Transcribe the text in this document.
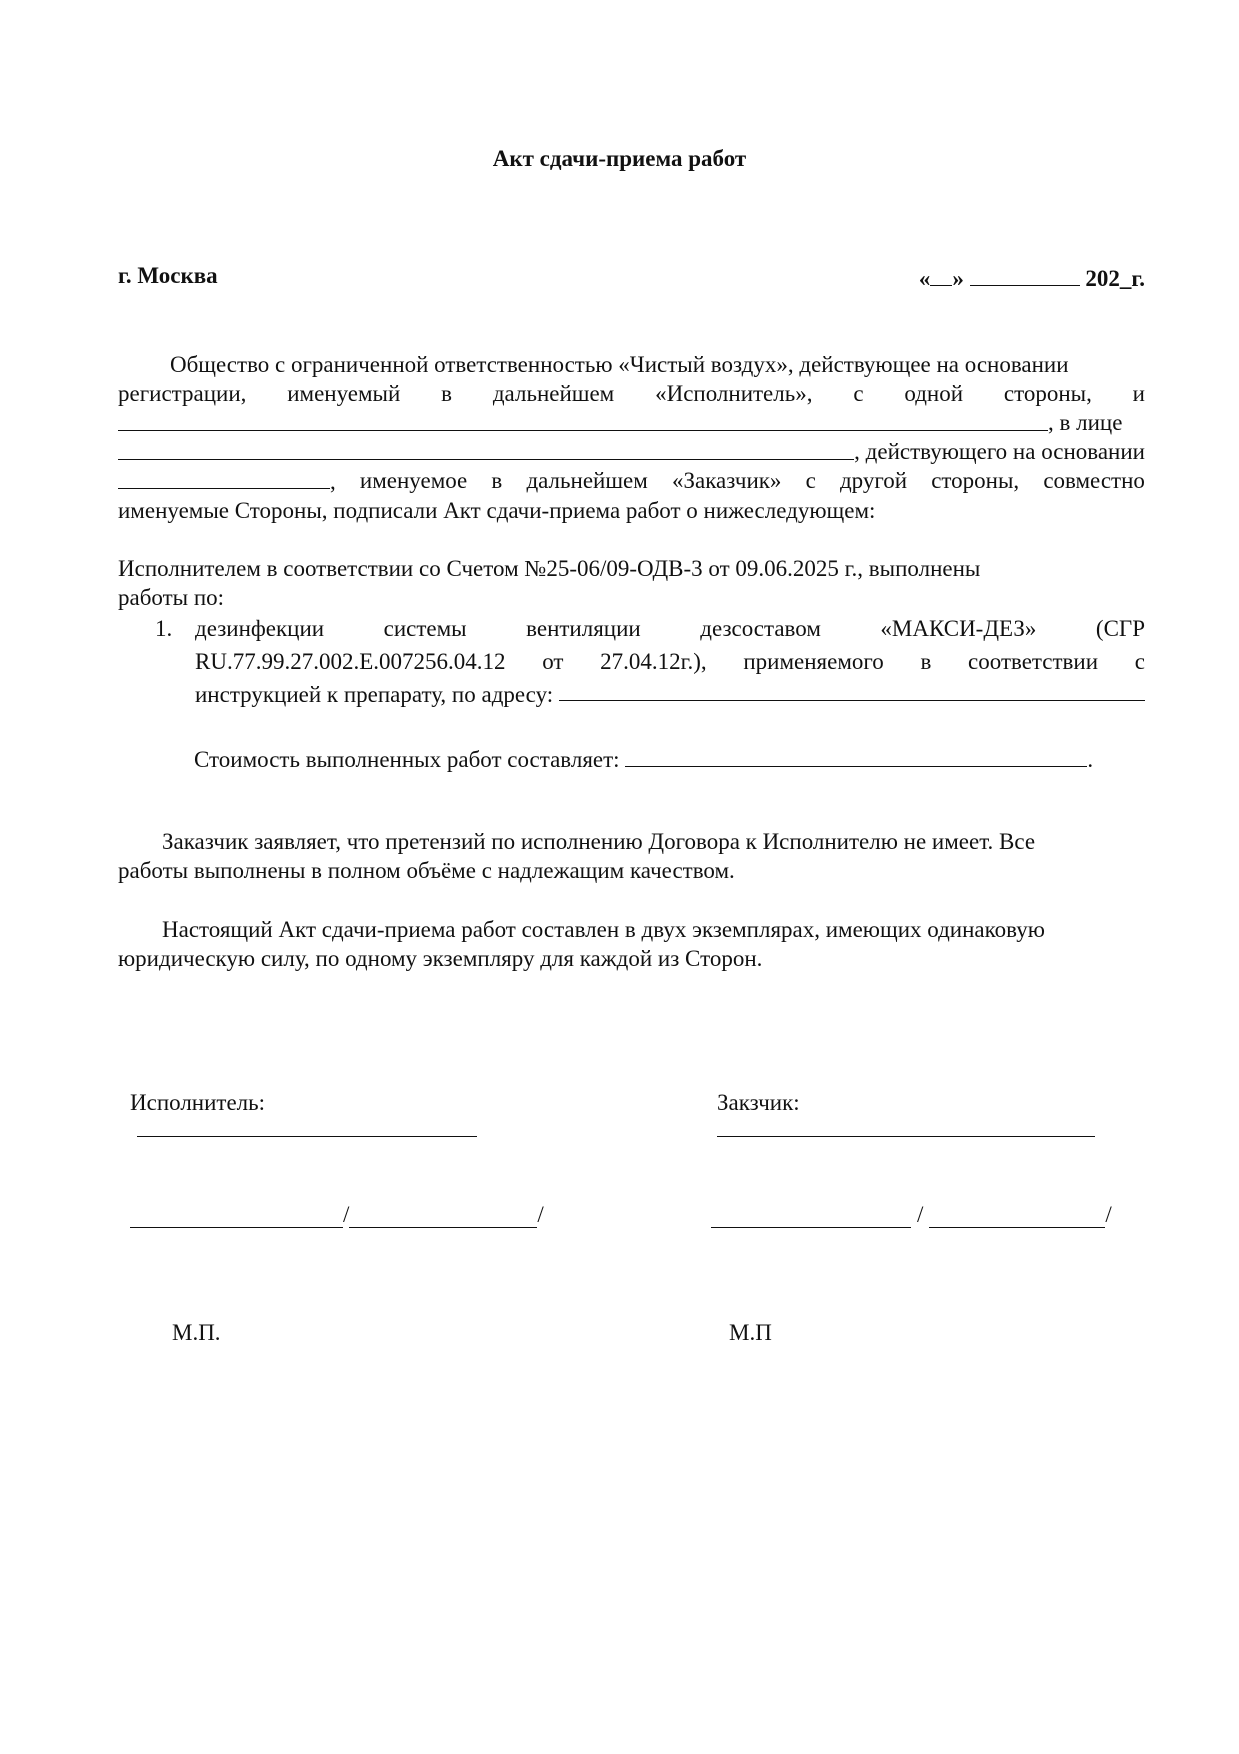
Акт сдачи-приема работ
г. Москва	« »	202_г.
Общество с ограниченной ответственностью «Чистый воздух», действующее на основании
регистрации, именуемый в дальнейшем «Исполнитель», с одной стороны, и
, в лице
, действующего на основании
, именуемое в дальнейшем «Заказчик» с другой стороны, совместно
именуемые Стороны, подписали Акт сдачи-приема работ о нижеследующем:
Исполнителем в соответствии со Счетом №25-06/09-ОДВ-3 от 09.06.2025 г., выполнены
работы по:
1. дезинфекции	системы	вентиляции	дезсоставом	«МАКСИ-ДЕЗ»	(СГР
RU.77.99.27.002.Е.007256.04.12 от 27.04.12г.), применяемого в соответствии с
инструкцией к препарату, по адресу:
Стоимость выполненных работ составляет:	.
Заказчик заявляет, что претензий по исполнению Договора к Исполнителю не имеет. Все
работы выполнены в полном объёме с надлежащим качеством.
Настоящий Акт сдачи-приема работ составлен в двух экземплярах, имеющих одинаковую
юридическую силу, по одному экземпляру для каждой из Сторон.
Исполнитель:
/	/
М.П.
Закзчик:
/	/
М.П
